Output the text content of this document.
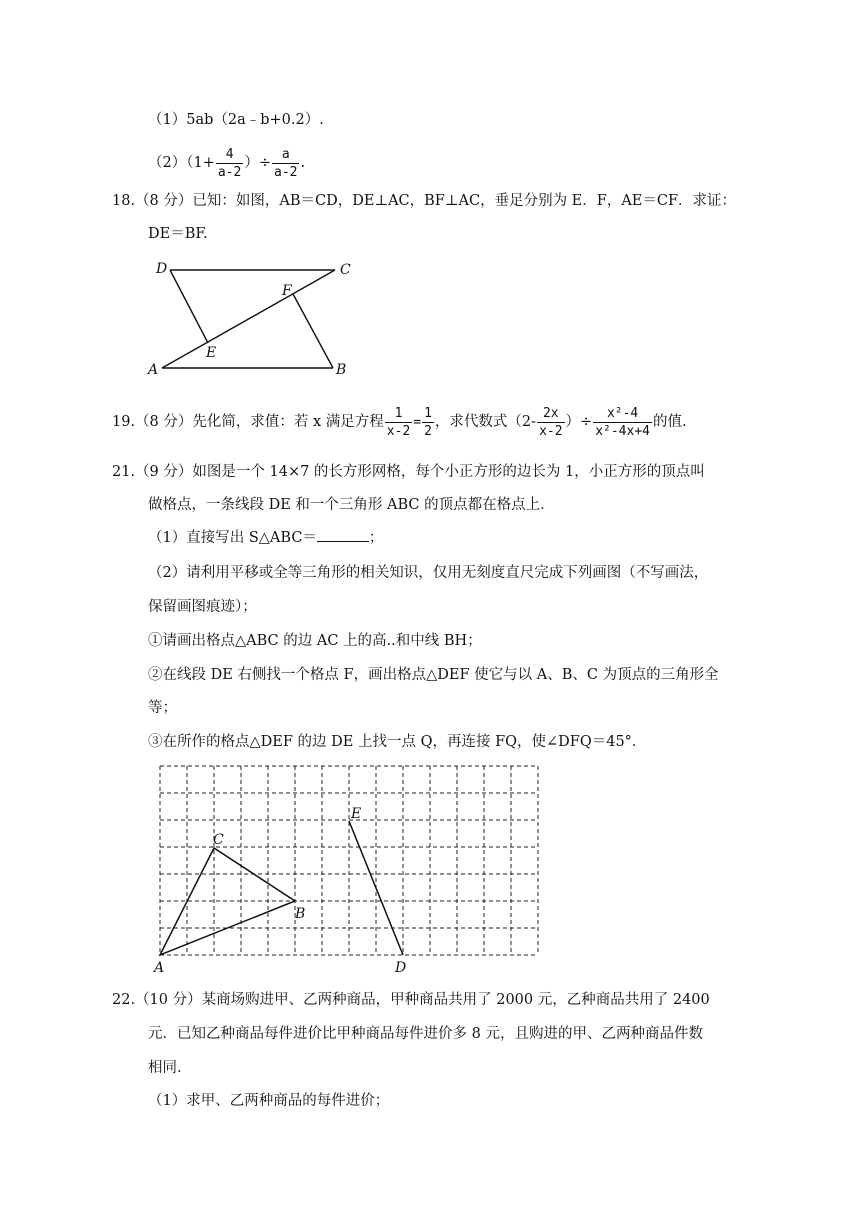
（1）5ab（2a﹣b+0.2）.
$(2)(1+ \frac{4}{a-2}$ ）÷ $\frac{a}{a-2}$ .
18.（8 分）已知：如图，AB＝CD，DE⊥AC，BF⊥AC，垂足分别为 E．F，AE＝CF．求证：
DE＝BF.
D	C
F
E
A	B
19.（8 分）先化简，求值：若 x 满足方程 $\frac{1}{x-2} = \frac{1}{2}$ ，求代数式（$2- \frac{2x}{x-2}$ ）÷ $\frac{\text{x²-4}}{\text{x²-4x+4}}$ 的值.
21.（9 分）如图是一个 14×7 的长方形网格，每个小正方形的边长为 1，小正方形的顶点叫
做格点，一条线段 DE 和一个三角形 ABC 的顶点都在格点上．
（1）直接写出 S△ABC＝	；
（2）请利用平移或全等三角形的相关知识，仅用无刻度直尺完成下列画图（不写画法，
保留画图痕迹）；
①请画出格点△ABC 的边 AC 上的高..和中线 BH；
②在线段 DE 右侧找一个格点 F，画出格点△DEF 使它与以 A、B、C 为顶点的三角形全
等；
③在所作的格点△DEF 的边 DE 上找一点 Q，再连接 FQ，使∠DFQ＝45°．
A
C
B
E
D
22.（10 分）某商场购进甲、乙两种商品，甲种商品共用了 2000 元，乙种商品共用了 2400
元．已知乙种商品每件进价比甲种商品每件进价多 8 元，且购进的甲、乙两种商品件数
相同．
（1）求甲、乙两种商品的每件进价；
